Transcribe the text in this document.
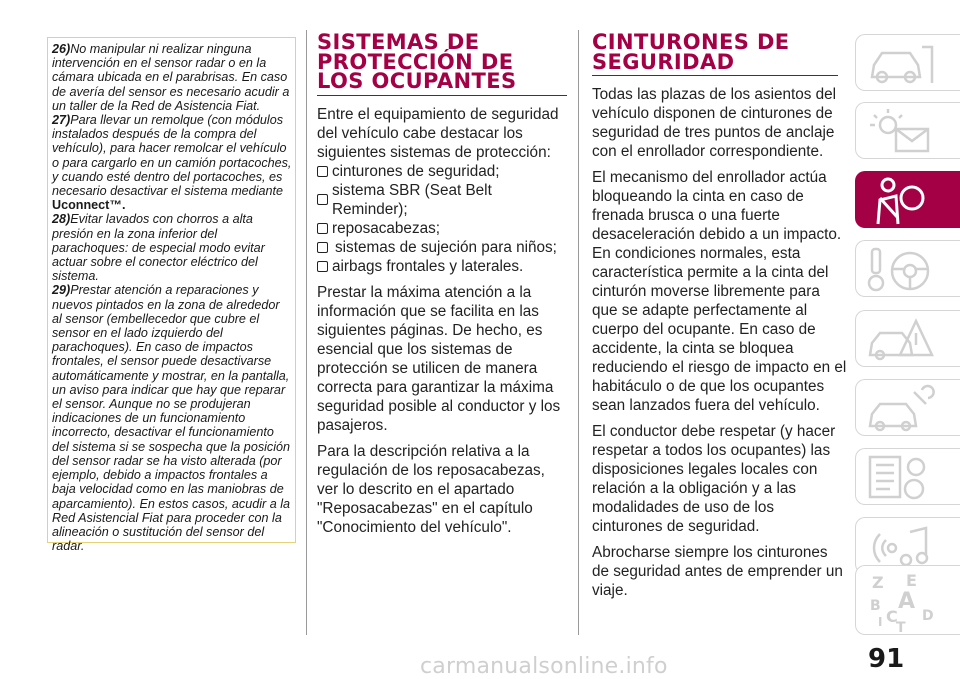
26)No manipular ni realizar ninguna intervención en el sensor radar o en la cámara ubicada en el parabrisas. En caso de avería del sensor es necesario acudir a un taller de la Red de Asistencia Fiat.

27)Para llevar un remolque (con módulos instalados después de la compra del vehículo), para hacer remolcar el vehículo o para cargarlo en un camión portacoches, y cuando esté dentro del portacoches, es necesario desactivar el sistema mediante
Uconnect™.

28)Evitar lavados con chorros a alta presión en la zona inferior del parachoques: de especial modo evitar actuar sobre el conector eléctrico del sistema.

29)Prestar atención a reparaciones y nuevos pintados en la zona de alrededor al sensor (embellecedor que cubre el sensor en el lado izquierdo del parachoques). En caso de impactos frontales, el sensor puede desactivarse automáticamente y mostrar, en la pantalla, un aviso para indicar que hay que reparar el sensor. Aunque no se produjeran indicaciones de un funcionamiento incorrecto, desactivar el funcionamiento del sistema si se sospecha que la posición del sensor radar se ha visto alterada (por ejemplo, debido a impactos frontales a baja velocidad como en las maniobras de aparcamiento). En estos casos, acudir a la Red Asistencial Fiat para proceder con la alineación o sustitución del sensor del radar.

SISTEMAS DE
PROTECCIÓN DE
LOS OCUPANTES

Entre el equipamiento de seguridad del vehículo cabe destacar los siguientes sistemas de protección:

cinturones de seguridad;
sistema SBR (Seat Belt Reminder);
reposacabezas;
sistemas de sujeción para niños;
airbags frontales y laterales.

Prestar la máxima atención a la información que se facilita en las siguientes páginas. De hecho, es esencial que los sistemas de protección se utilicen de manera correcta para garantizar la máxima seguridad posible al conductor y los pasajeros.

Para la descripción relativa a la regulación de los reposacabezas, ver lo descrito en el apartado "Reposacabezas" en el capítulo "Conocimiento del vehículo".

CINTURONES DE
SEGURIDAD

Todas las plazas de los asientos del vehículo disponen de cinturones de seguridad de tres puntos de anclaje con el enrollador correspondiente.

El mecanismo del enrollador actúa bloqueando la cinta en caso de frenada brusca o una fuerte desaceleración debido a un impacto. En condiciones normales, esta característica permite a la cinta del cinturón moverse libremente para que se adapte perfectamente al cuerpo del ocupante. En caso de accidente, la cinta se bloquea reduciendo el riesgo de impacto en el habitáculo o de que los ocupantes sean lanzados fuera del vehículo.

El conductor debe respetar (y hacer respetar a todos los ocupantes) las disposiciones legales locales con relación a la obligación y a las modalidades de uso de los cinturones de seguridad.

Abrocharse siempre los cinturones de seguridad antes de emprender un viaje.	Z E
B A
C
T
D
I
91
carmanualsonline.info
